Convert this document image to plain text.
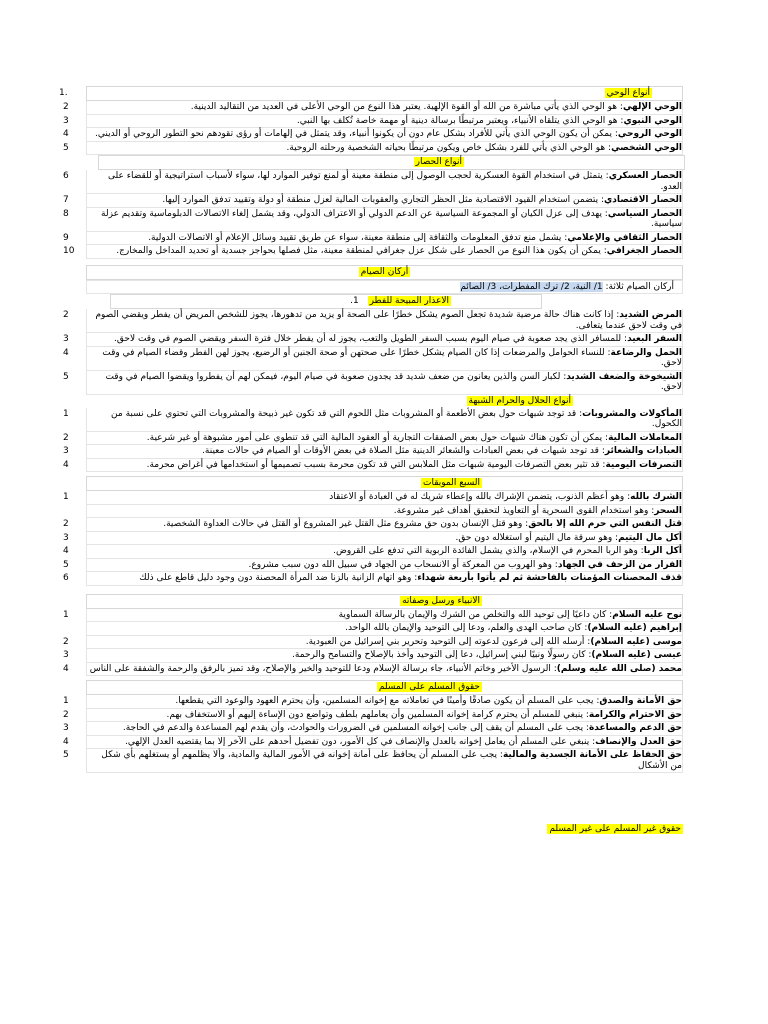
1.	أنواع الوحي
2	الوحي الإلهي: هو الوحي الذي يأتي مباشرة من الله أو القوة الإلهية. يعتبر هذا النوع من الوحي الأعلى في العديد من التقاليد الدينية.
3	الوحي النبوي: هو الوحي الذي يتلقاه الأنبياء، ويعتبر مرتبطًا برسالة دينية أو مهمة خاصة تُكلف بها النبي.
4	الوحي الروحي: يمكن أن يكون الوحي الذي يأتي للأفراد بشكل عام دون أن يكونوا أنبياء، وقد يتمثل في إلهامات أو رؤى تقودهم نحو التطور الروحي أو الديني.
5	الوحي الشخصي: هو الوحي الذي يأتي للفرد بشكل خاص ويكون مرتبطًا بحياته الشخصية ورحلته الروحية.
أنواع الحصار
6	الحصار العسكري: يتمثل في استخدام القوة العسكرية لحجب الوصول إلى منطقة معينة أو لمنع توفير الموارد لها، سواء لأسباب استراتيجية أو للقضاء على العدو.
7	الحصار الاقتصادي: يتضمن استخدام القيود الاقتصادية مثل الحظر التجاري والعقوبات المالية لعزل منطقة أو دولة وتقييد تدفق الموارد إليها.
8	الحصار السياسي: يهدف إلى عزل الكيان أو المجموعة السياسية عن الدعم الدولي أو الاعتراف الدولي، وقد يشمل إلغاء الاتصالات الدبلوماسية وتقديم عزلة سياسية.
9	الحصار الثقافي والإعلامي: يشمل منع تدفق المعلومات والثقافة إلى منطقة معينة، سواء عن طريق تقييد وسائل الإعلام أو الاتصالات الدولية.
10	الحصار الجغرافي: يمكن أن يكون هذا النوع من الحصار على شكل عزل جغرافي لمنطقة معينة، مثل فصلها بحواجز جسدية أو تحديد المداخل والمخارج.
أركان الصيام
أركان الصيام ثلاثة: 1/ النية، 2/ ترك المفطرات، 3/ الصائم
الاعذار المبيحة للفطر 1.
2	المرض الشديد: إذا كانت هناك حالة مرضية شديدة تجعل الصوم يشكل خطرًا على الصحة أو يزيد من تدهورها، يجوز للشخص المريض أن يفطر ويقضي الصوم في وقت لاحق عندما يتعافى.
3	السفر البعيد: للمسافر الذي يجد صعوبة في صيام اليوم بسبب السفر الطويل والتعب، يجوز له أن يفطر خلال فترة السفر ويقضي الصوم في وقت لاحق.
4	الحمل والرضاعة: للنساء الحوامل والمرضعات إذا كان الصيام يشكل خطرًا على صحتهن أو صحة الجنين أو الرضيع، يجوز لهن الفطر وقضاء الصيام في وقت لاحق.
5	الشيخوخة والضعف الشديد: لكبار السن والذين يعانون من ضعف شديد قد يجدون صعوبة في صيام اليوم، فيمكن لهم أن يفطروا ويقضوا الصيام في وقت لاحق.
أنواع الحلال والحرام الشبهة
1	المأكولات والمشروبات: قد توجد شبهات حول بعض الأطعمة أو المشروبات مثل اللحوم التي قد تكون غير ذبيحة والمشروبات التي تحتوي على نسبة من الكحول.
2	المعاملات المالية: يمكن أن تكون هناك شبهات حول بعض الصفقات التجارية أو العقود المالية التي قد تنطوي على أمور مشبوهة أو غير شرعية.
3	العبادات والشعائر: قد توجد شبهات في بعض العبادات والشعائر الدينية مثل الصلاة في بعض الأوقات أو الصيام في حالات معينة.
4	التصرفات اليومية: قد تثير بعض التصرفات اليومية شبهات مثل الملابس التي قد تكون محرمة بسبب تصميمها أو استخدامها في أغراض محرمة.
السبع الموبقات
1	الشرك بالله: وهو أعظم الذنوب، يتضمن الإشراك بالله وإعطاء شريك له في العبادة أو الاعتقاد
السحر: وهو استخدام القوى السحرية أو التعاويذ لتحقيق أهداف غير مشروعة.
2	قتل النفس التي حرم الله إلا بالحق: وهو قتل الإنسان بدون حق مشروع مثل القتل غير المشروع أو القتل في حالات العداوة الشخصية.
3	أكل مال اليتيم: وهو سرقة مال اليتيم أو استغلاله دون حق.
4	أكل الربا: وهو الربا المحرم في الإسلام، والذي يشمل الفائدة الربوية التي تدفع على القروض.
5	الفرار من الزحف في الجهاد: وهو الهروب من المعركة أو الانسحاب من الجهاد في سبيل الله دون سبب مشروع.
6	قذف المحصنات المؤمنات بالفاحشة ثم لم يأتوا بأربعة شهداء: وهو اتهام الزانية بالزنا ضد المرأة المحصنة دون وجود دليل قاطع على ذلك
الانبياء ورسل وصفاته
1	نوح عليه السلام: كان داعيًا إلى توحيد الله والتخلص من الشرك والإيمان بالرسالة السماوية
إبراهيم (عليه السلام): كان صاحب الهدى والعلم، ودعا إلى التوحيد والإيمان بالله الواحد.
2	موسى (عليه السلام): أرسله الله إلى فرعون لدعوته إلى التوحيد وتحرير بني إسرائيل من العبودية.
3	عيسى (عليه السلام): كان رسولًا ونبيًا لبني إسرائيل، دعا إلى التوحيد وأخذ بالإصلاح والتسامح والرحمة.
4	محمد (صلى الله عليه وسلم): الرسول الأخير وخاتم الأنبياء، جاء برسالة الإسلام ودعا للتوحيد والخير والإصلاح، وقد تميز بالرفق والرحمة والشفقة على الناس
حقوق المسلم على المسلم
1	حق الأمانة والصدق: يجب على المسلم أن يكون صادقًا وأمينًا في تعاملاته مع إخوانه المسلمين، وأن يحترم العهود والوعود التي يقطعها.
2	حق الاحترام والكرامة: ينبغي للمسلم أن يحترم كرامة إخوانه المسلمين وأن يعاملهم بلطف وتواضع دون الإساءة إليهم أو الاستخفاف بهم.
3	حق الدعم والمساعدة: يجب على المسلم أن يقف إلى جانب إخوانه المسلمين في الضرورات والحوادث، وأن يقدم لهم المساعدة والدعم في الحاجة.
4	حق العدل والإنصاف: ينبغي على المسلم أن يعامل إخوانه بالعدل والإنصاف في كل الأمور، دون تفضيل أحدهم على الآخر إلا بما يقتضيه العدل الإلهي.
5	حق الحفاظ على الأمانة الجسدية والمالية: يجب على المسلم أن يحافظ على أمانة إخوانه في الأمور المالية والمادية، وألا يظلمهم أو يستغلهم بأي شكل من الأشكال
حقوق غير المسلم على غير المسلم
